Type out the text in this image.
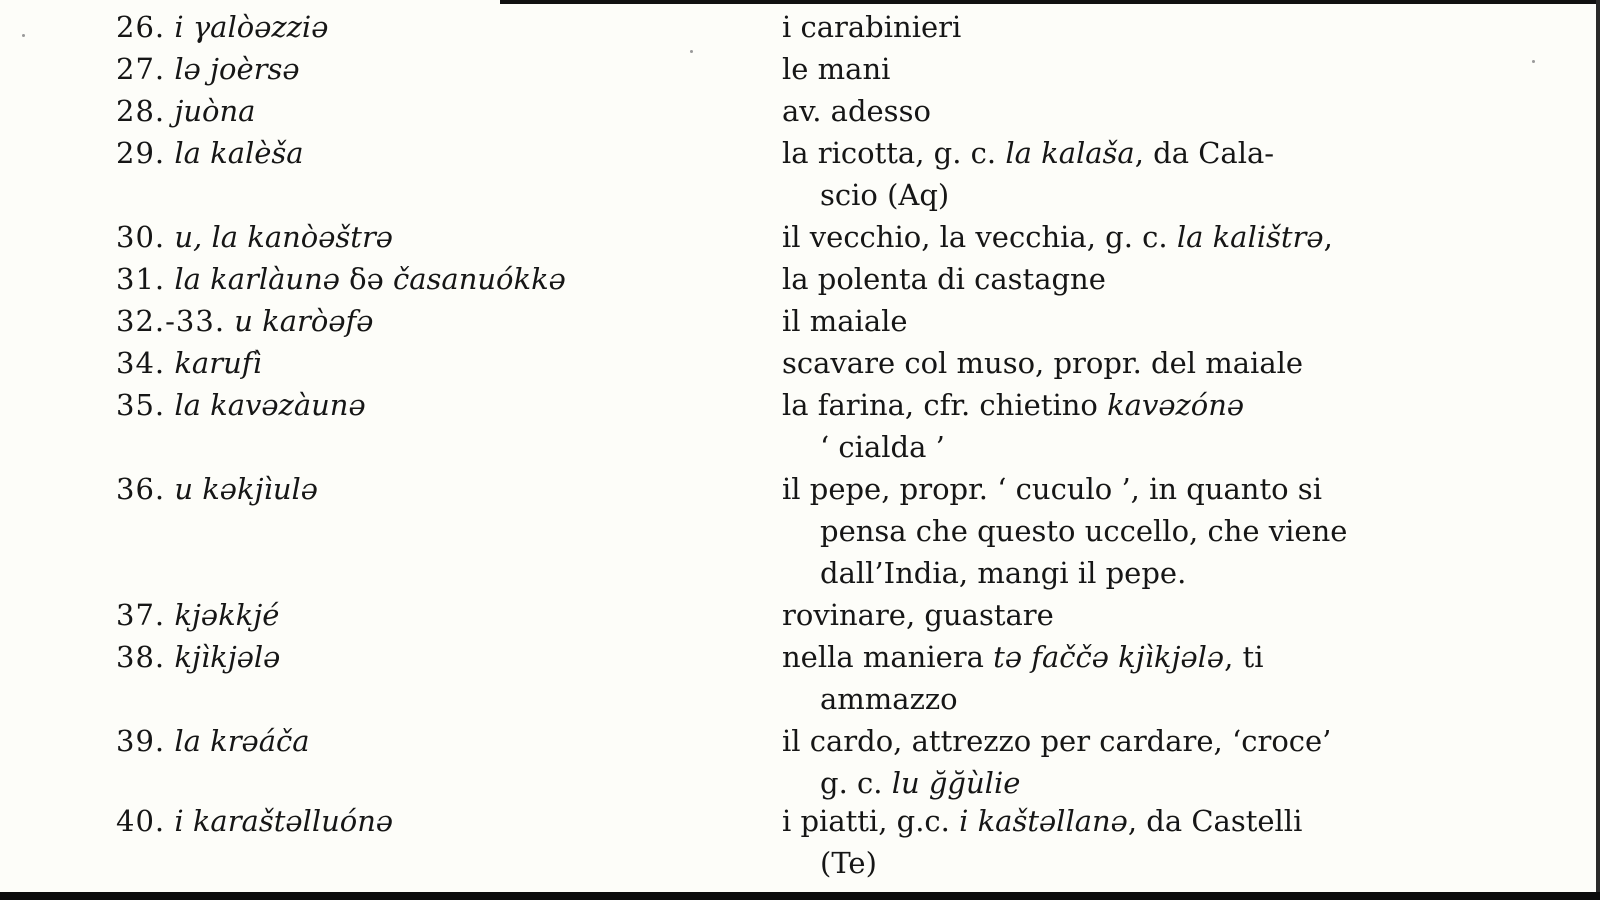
26. i γalòəzziə	i carabinieri
27. lə joèrsə	le mani
28. juòna	av. adesso
29. la kalèša	la ricotta, g. c. la kalaša, da Cala-
scio (Aq)
30. u, la kanòəštrə	il vecchio, la vecchia, g. c. la kalištrə,
31. la karlàunə δə časanuókkə	la polenta di castagne
32.-33. u karòəfə	il maiale
34. karufì	scavare col muso, propr. del maiale
35. la kavəzàunə	la farina, cfr. chietino kavəzónə
‘ cialda ’
36. u kəkjìulə	il pepe, propr. ‘ cuculo ’, in quanto si
pensa che questo uccello, che viene
dall’India, mangi il pepe.
37. kjəkkjé	rovinare, guastare
38. kjìkjələ	nella maniera tə faččə kjìkjələ, ti
ammazzo
39. la krəáča	il cardo, attrezzo per cardare, ‘croce’
g. c. lu ğğùlie
40. i karaštəlluónə	i piatti, g.c. i kaštəllanə, da Castelli
(Te)
